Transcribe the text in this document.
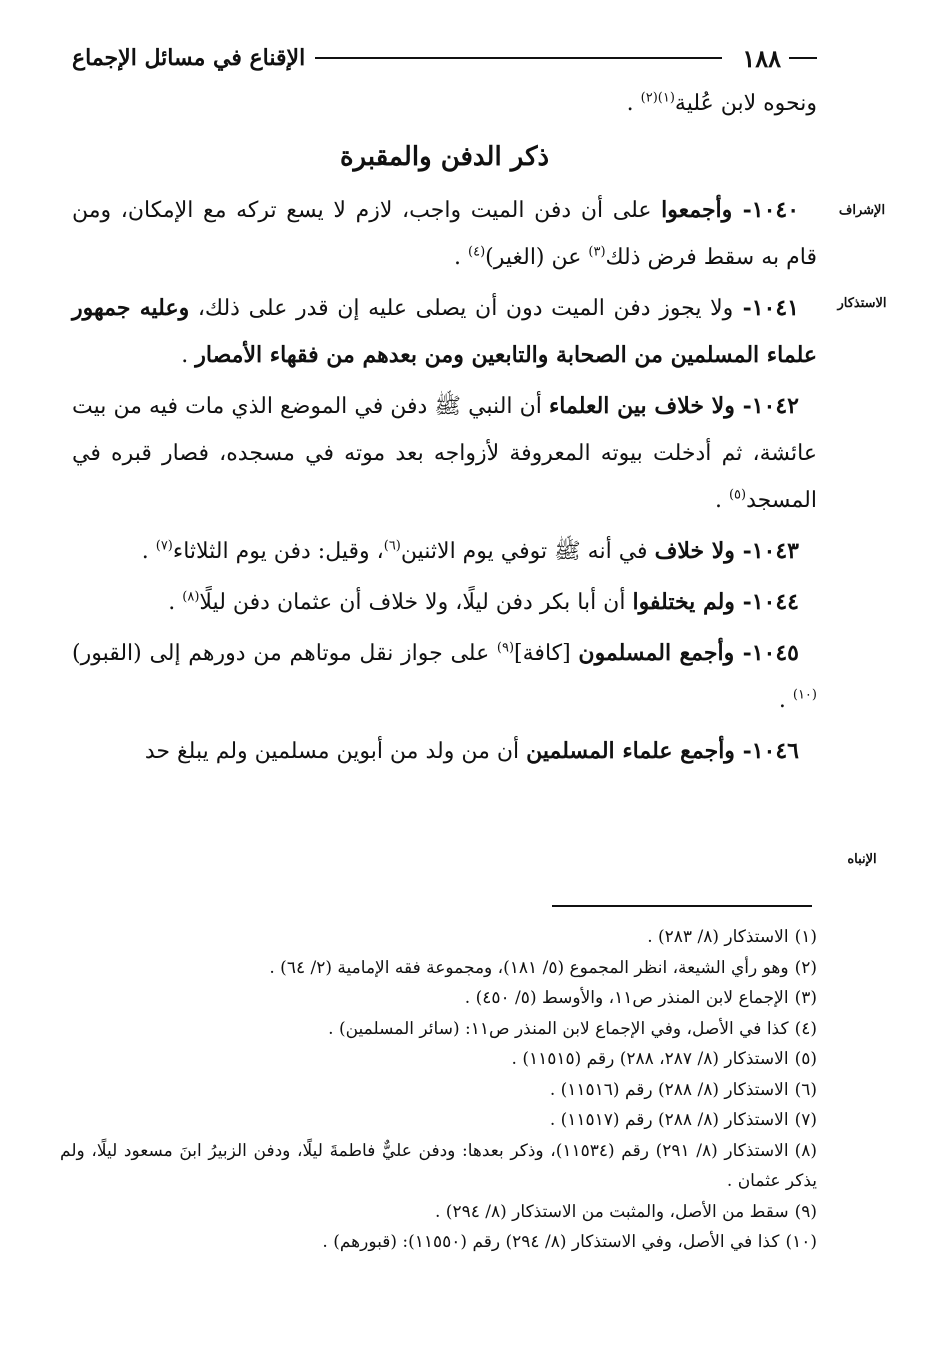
١٨٨
الإقناع في مسائل الإجماع
الإشراف
الاستذكار
الإنباه

ونحوه لابن عُلية$^{(١)(٢)}$ .

ذكر الدفن والمقبرة

١٠٤٠- وأجمعوا على أن دفن الميت واجب، لازم لا يسع تركه مع الإمكان، ومن قام به سقط فرض ذلك$^{(٣)}$ عن (الغير)$^{(٤)}$ .

١٠٤١- ولا يجوز دفن الميت دون أن يصلى عليه إن قدر على ذلك، وعليه جمهور علماء المسلمين من الصحابة والتابعين ومن بعدهم من فقهاء الأمصار .

١٠٤٢- ولا خلاف بين العلماء أن النبي ﷺ دفن في الموضع الذي مات فيه من بيت عائشة، ثم أدخلت بيوته المعروفة لأزواجه بعد موته في مسجده، فصار قبره في المسجد$^{(٥)}$ .

١٠٤٣- ولا خلاف في أنه ﷺ توفي يوم الاثنين$^{(٦)}$، وقيل: دفن يوم الثلاثاء$^{(٧)}$ .

١٠٤٤- ولم يختلفوا أن أبا بكر دفن ليلًا، ولا خلاف أن عثمان دفن ليلًا$^{(٨)}$ .

١٠٤٥- وأجمع المسلمون [كافة]$^{(٩)}$ على جواز نقل موتاهم من دورهم إلى (القبور)$^{(١٠)}$ .

١٠٤٦- وأجمع علماء المسلمين أن من ولد من أبوين مسلمين ولم يبلغ حد

(١)الاستذكار (٨/ ٢٨٣) .

(٢)وهو رأي الشيعة، انظر المجموع (٥/ ١٨١)، ومجموعة فقه الإمامية (٢/ ٦٤) .

(٣)الإجماع لابن المنذر ص١١، والأوسط (٥/ ٤٥٠) .

(٤)كذا في الأصل، وفي الإجماع لابن المنذر ص١١: (سائر المسلمين) .

(٥)الاستذكار (٨/ ٢٨٧، ٢٨٨) رقم (١١٥١٥) .

(٦)الاستذكار (٨/ ٢٨٨) رقم (١١٥١٦) .

(٧)الاستذكار (٨/ ٢٨٨) رقم (١١٥١٧) .

(٨)الاستذكار (٨/ ٢٩١) رقم (١١٥٣٤)، وذكر بعدها: ودفن عليٌّ فاطمةَ ليلًا، ودفن الزبيرُ ابنَ مسعود ليلًا، ولم يذكر عثمان .

(٩)سقط من الأصل، والمثبت من الاستذكار (٨/ ٢٩٤) .

(١٠)كذا في الأصل، وفي الاستذكار (٨/ ٢٩٤) رقم (١١٥٥٠): (قبورهم) .
